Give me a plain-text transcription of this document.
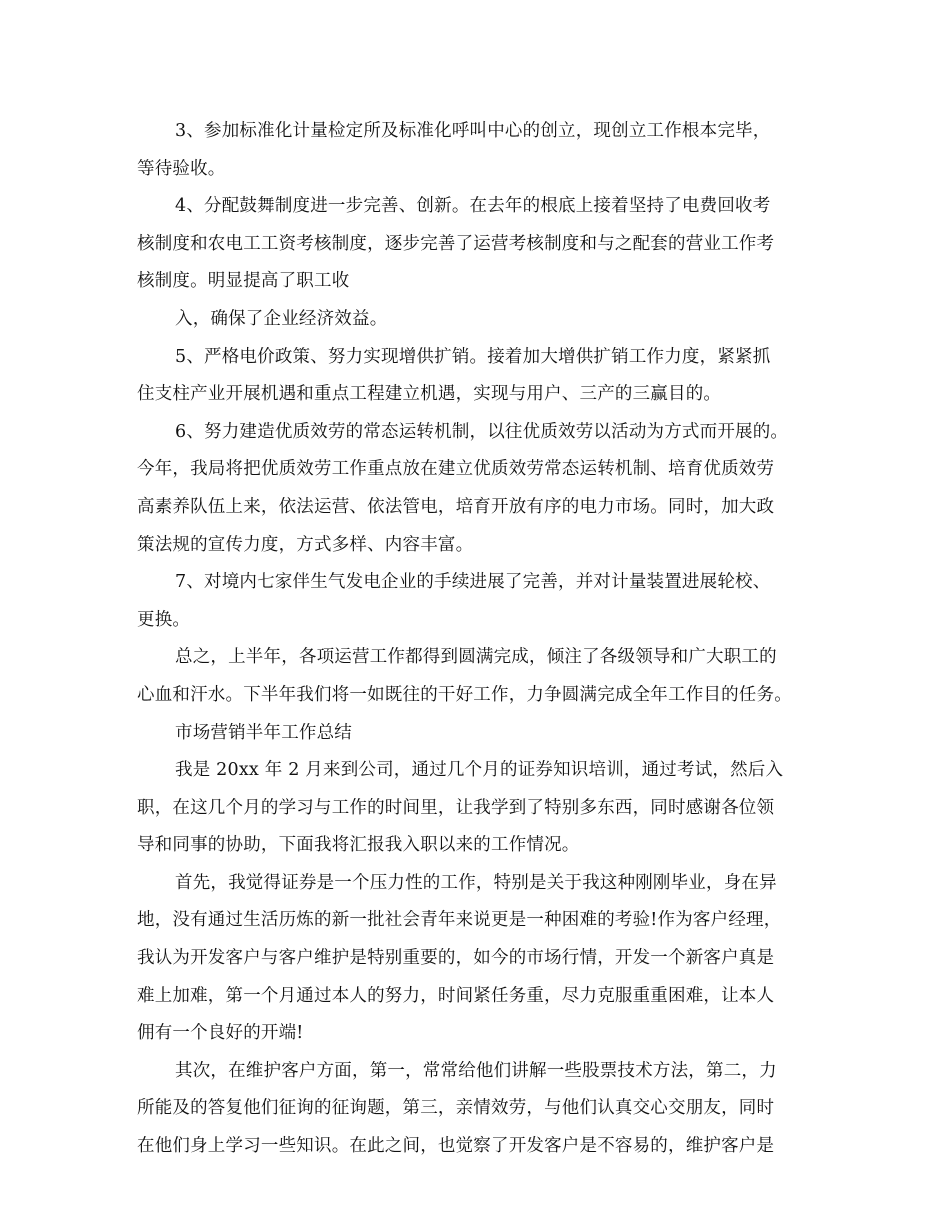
3、参加标准化计量检定所及标准化呼叫中心的创立，现创立工作根本完毕，
等待验收。
4、分配鼓舞制度进一步完善、创新。在去年的根底上接着坚持了电费回收考
核制度和农电工工资考核制度，逐步完善了运营考核制度和与之配套的营业工作考
核制度。明显提高了职工收
入，确保了企业经济效益。
5、严格电价政策、努力实现增供扩销。接着加大增供扩销工作力度，紧紧抓
住支柱产业开展机遇和重点工程建立机遇，实现与用户、三产的三赢目的。
6、努力建造优质效劳的常态运转机制，以往优质效劳以活动为方式而开展的。
今年，我局将把优质效劳工作重点放在建立优质效劳常态运转机制、培育优质效劳
高素养队伍上来，依法运营、依法管电，培育开放有序的电力市场。同时，加大政
策法规的宣传力度，方式多样、内容丰富。
7、对境内七家伴生气发电企业的手续进展了完善，并对计量装置进展轮校、
更换。
总之，上半年，各项运营工作都得到圆满完成，倾注了各级领导和广大职工的
心血和汗水。下半年我们将一如既往的干好工作，力争圆满完成全年工作目的任务。
市场营销半年工作总结
我是 20xx 年 2 月来到公司，通过几个月的证券知识培训，通过考试，然后入
职，在这几个月的学习与工作的时间里，让我学到了特别多东西，同时感谢各位领
导和同事的协助，下面我将汇报我入职以来的工作情况。
首先，我觉得证券是一个压力性的工作，特别是关于我这种刚刚毕业，身在异
地，没有通过生活历炼的新一批社会青年来说更是一种困难的考验!作为客户经理，
我认为开发客户与客户维护是特别重要的，如今的市场行情，开发一个新客户真是
难上加难，第一个月通过本人的努力，时间紧任务重，尽力克服重重困难，让本人
佣有一个良好的开端!
其次，在维护客户方面，第一，常常给他们讲解一些股票技术方法，第二，力
所能及的答复他们征询的征询题，第三，亲情效劳，与他们认真交心交朋友，同时
在他们身上学习一些知识。在此之间，也觉察了开发客户是不容易的，维护客户是
